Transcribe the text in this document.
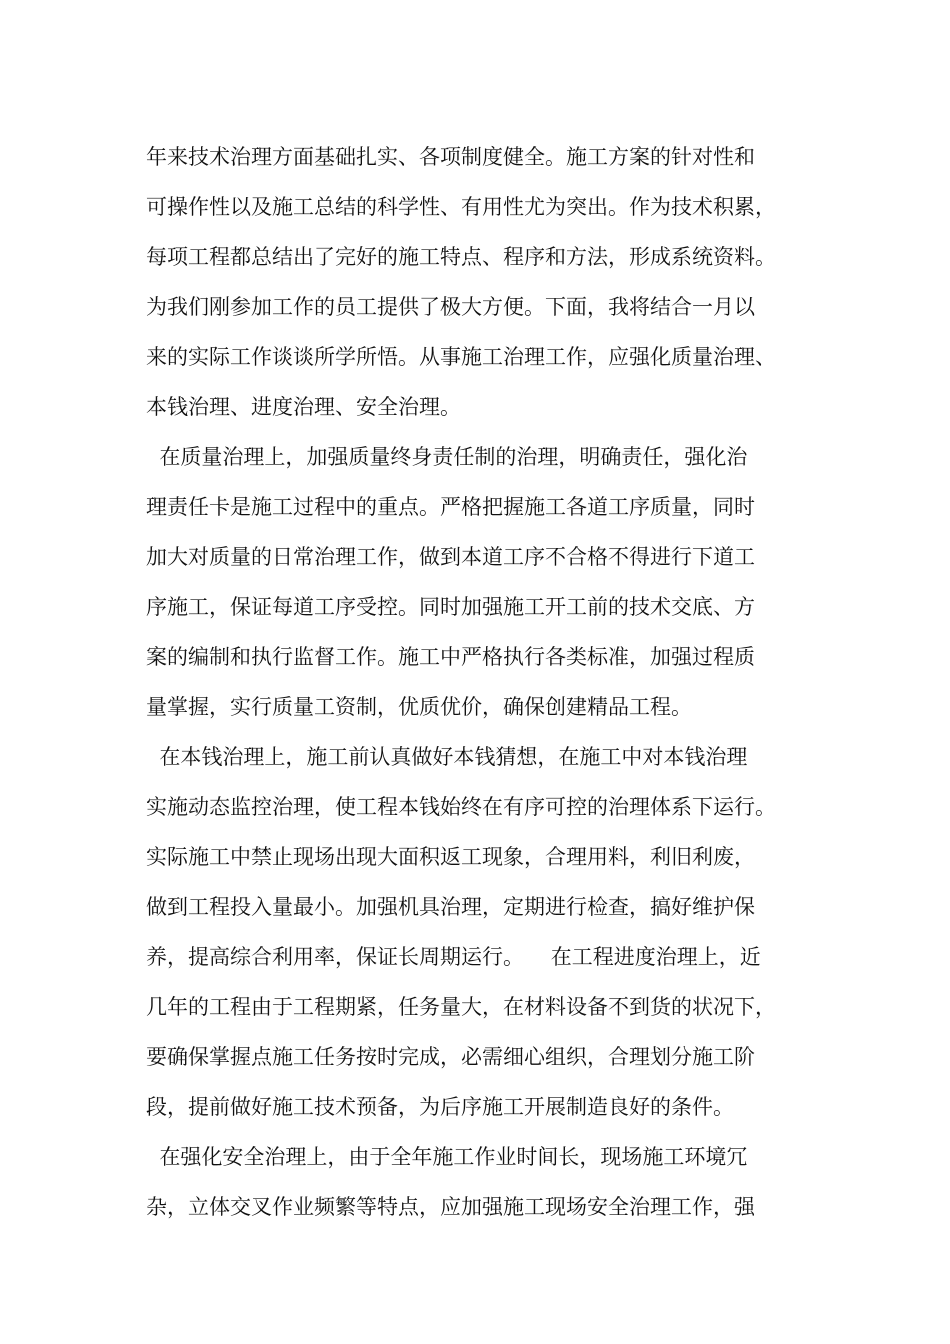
年来技术治理方面基础扎实、各项制度健全。施工方案的针对性和
可操作性以及施工总结的科学性、有用性尤为突出。作为技术积累，
每项工程都总结出了完好的施工特点、程序和方法，形成系统资料。
为我们刚参加工作的员工提供了极大方便。下面，我将结合一月以
来的实际工作谈谈所学所悟。从事施工治理工作，应强化质量治理、
本钱治理、进度治理、安全治理。
在质量治理上，加强质量终身责任制的治理，明确责任，强化治
理责任卡是施工过程中的重点。严格把握施工各道工序质量，同时
加大对质量的日常治理工作，做到本道工序不合格不得进行下道工
序施工，保证每道工序受控。同时加强施工开工前的技术交底、方
案的编制和执行监督工作。施工中严格执行各类标准，加强过程质
量掌握，实行质量工资制，优质优价，确保创建精品工程。
在本钱治理上，施工前认真做好本钱猜想，在施工中对本钱治理
实施动态监控治理，使工程本钱始终在有序可控的治理体系下运行。
实际施工中禁止现场出现大面积返工现象，合理用料，利旧利废，
做到工程投入量最小。加强机具治理，定期进行检查，搞好维护保
养，提高综合利用率，保证长周期运行。    在工程进度治理上，近
几年的工程由于工程期紧，任务量大，在材料设备不到货的状况下，
要确保掌握点施工任务按时完成，必需细心组织，合理划分施工阶
段，提前做好施工技术预备，为后序施工开展制造良好的条件。
在强化安全治理上，由于全年施工作业时间长，现场施工环境冗
杂，立体交叉作业频繁等特点，应加强施工现场安全治理工作，强
